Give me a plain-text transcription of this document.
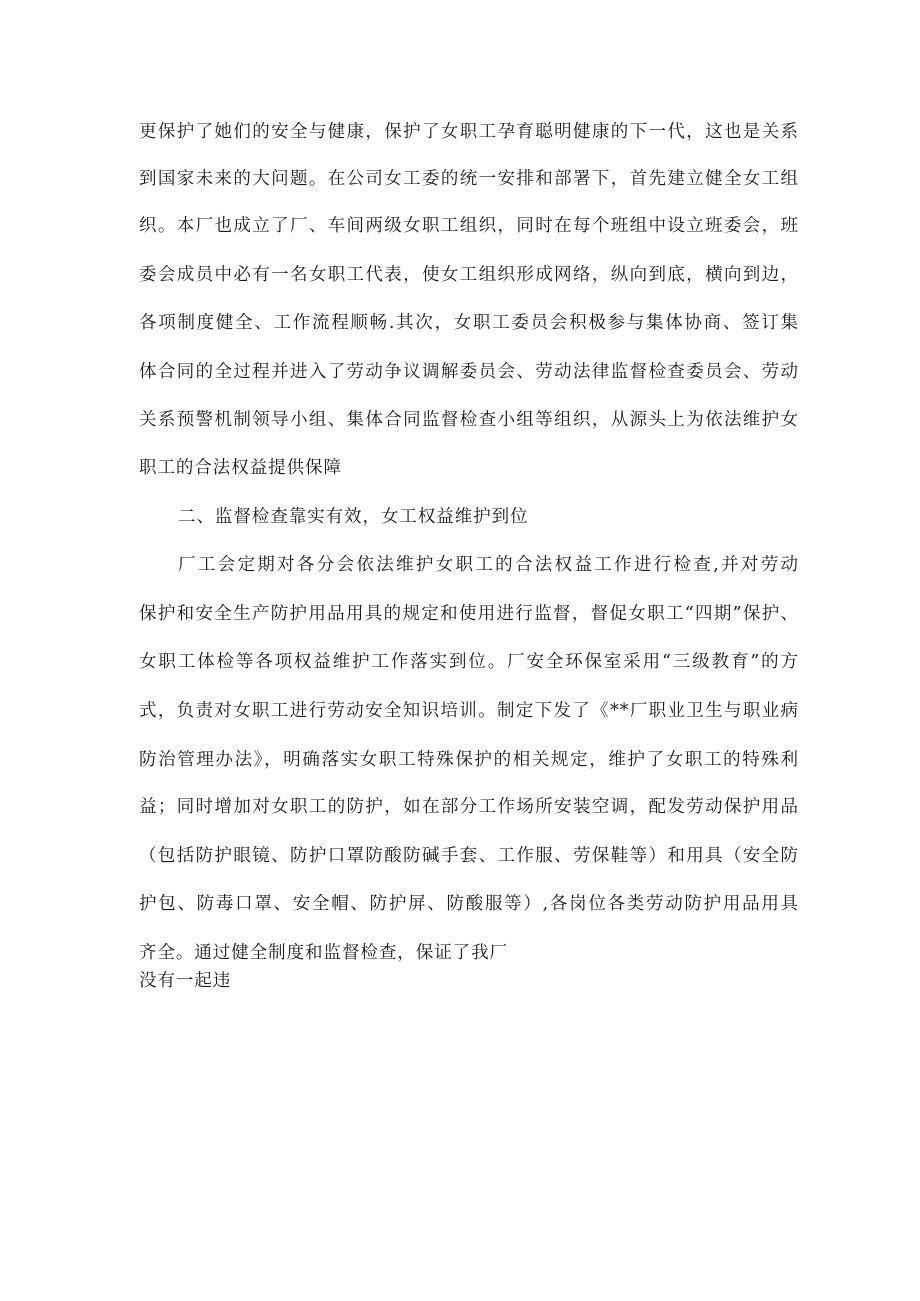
更保护了她们的安全与健康，保护了女职工孕育聪明健康的下一代，这也是关系
到国家未来的大问题。在公司女工委的统一安排和部署下，首先建立健全女工组
织。本厂也成立了厂、车间两级女职工组织，同时在每个班组中设立班委会，班
委会成员中必有一名女职工代表，使女工组织形成网络，纵向到底，横向到边，
各项制度健全、工作流程顺畅.其次，女职工委员会积极参与集体协商、签订集
体合同的全过程并进入了劳动争议调解委员会、劳动法律监督检查委员会、劳动
关系预警机制领导小组、集体合同监督检查小组等组织，从源头上为依法维护女
职工的合法权益提供保障
二、监督检查靠实有效，女工权益维护到位
厂工会定期对各分会依法维护女职工的合法权益工作进行检查,并对劳动
保护和安全生产防护用品用具的规定和使用进行监督，督促女职工“四期”保护、
女职工体检等各项权益维护工作落实到位。厂安全环保室采用“三级教育”的方
式，负责对女职工进行劳动安全知识培训。制定下发了《**厂职业卫生与职业病
防治管理办法》，明确落实女职工特殊保护的相关规定，维护了女职工的特殊利
益；同时增加对女职工的防护，如在部分工作场所安装空调，配发劳动保护用品
（包括防护眼镜、防护口罩防酸防碱手套、工作服、劳保鞋等）和用具（安全防
护包、防毒口罩、安全帽、防护屏、防酸服等）,各岗位各类劳动防护用品用具
齐全。通过健全制度和监督检查，保证了我厂
没有一起违
